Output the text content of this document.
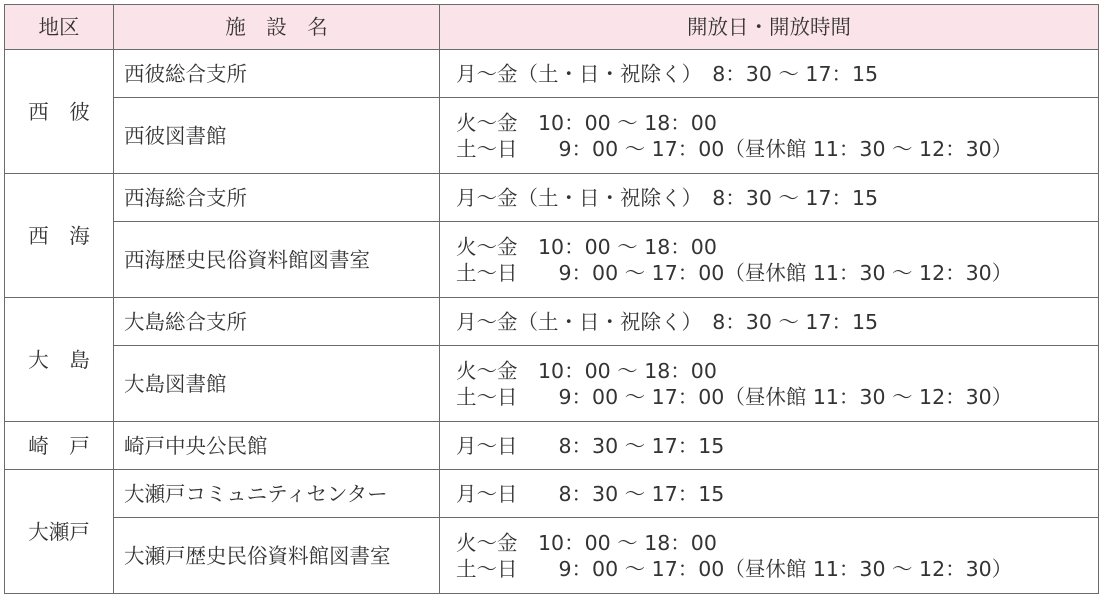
地区	施　設　名	開放日・開放時間
西　彼	西彼総合支所	月～金（土・日・祝除く）　8：30 ～ 17：15

	西彼図書館	火～金　10：00 ～ 18：00
土～日　　9：00 ～ 17：00（昼休館 11：30 ～ 12：30）

西　海	西海総合支所	月～金（土・日・祝除く）　8：30 ～ 17：15

	西海歴史民俗資料館図書室	火～金　10：00 ～ 18：00
土～日　　9：00 ～ 17：00（昼休館 11：30 ～ 12：30）

大　島	大島総合支所	月～金（土・日・祝除く）　8：30 ～ 17：15

	大島図書館	火～金　10：00 ～ 18：00
土～日　　9：00 ～ 17：00（昼休館 11：30 ～ 12：30）

崎　戸	崎戸中央公民館	月～日　　8：30 ～ 17：15

大瀬戸	大瀬戸コミュニティセンター	月～日　　8：30 ～ 17：15

	大瀬戸歴史民俗資料館図書室	火～金　10：00 ～ 18：00
土～日　　9：00 ～ 17：00（昼休館 11：30 ～ 12：30）
